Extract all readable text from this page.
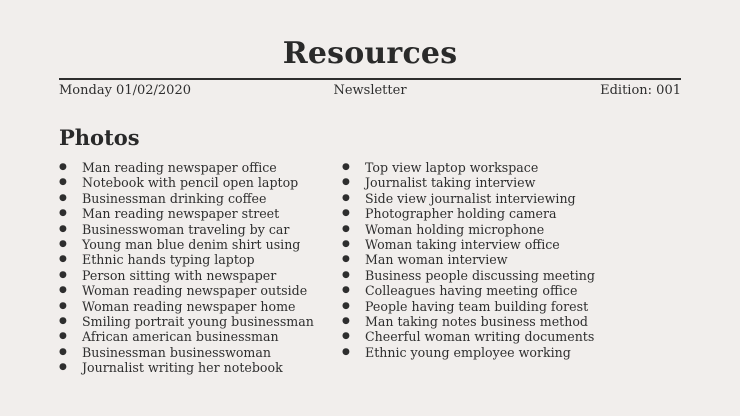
Resources
Monday 01/02/2020	Newsletter	Edition: 001
Photos
● Man reading newspaper office
● Notebook with pencil open laptop
● Businessman drinking coffee
● Man reading newspaper street
● Businesswoman traveling by car
● Young man blue denim shirt using
● Ethnic hands typing laptop
● Person sitting with newspaper
● Woman reading newspaper outside
● Woman reading newspaper home
● Smiling portrait young businessman
● African american businessman
● Businessman businesswoman
● Journalist writing her notebook
● Top view laptop workspace
● Journalist taking interview
● Side view journalist interviewing
● Photographer holding camera
● Woman holding microphone
● Woman taking interview office
● Man woman interview
● Business people discussing meeting
● Colleagues having meeting office
● People having team building forest
● Man taking notes business method
● Cheerful woman writing documents
● Ethnic young employee working
